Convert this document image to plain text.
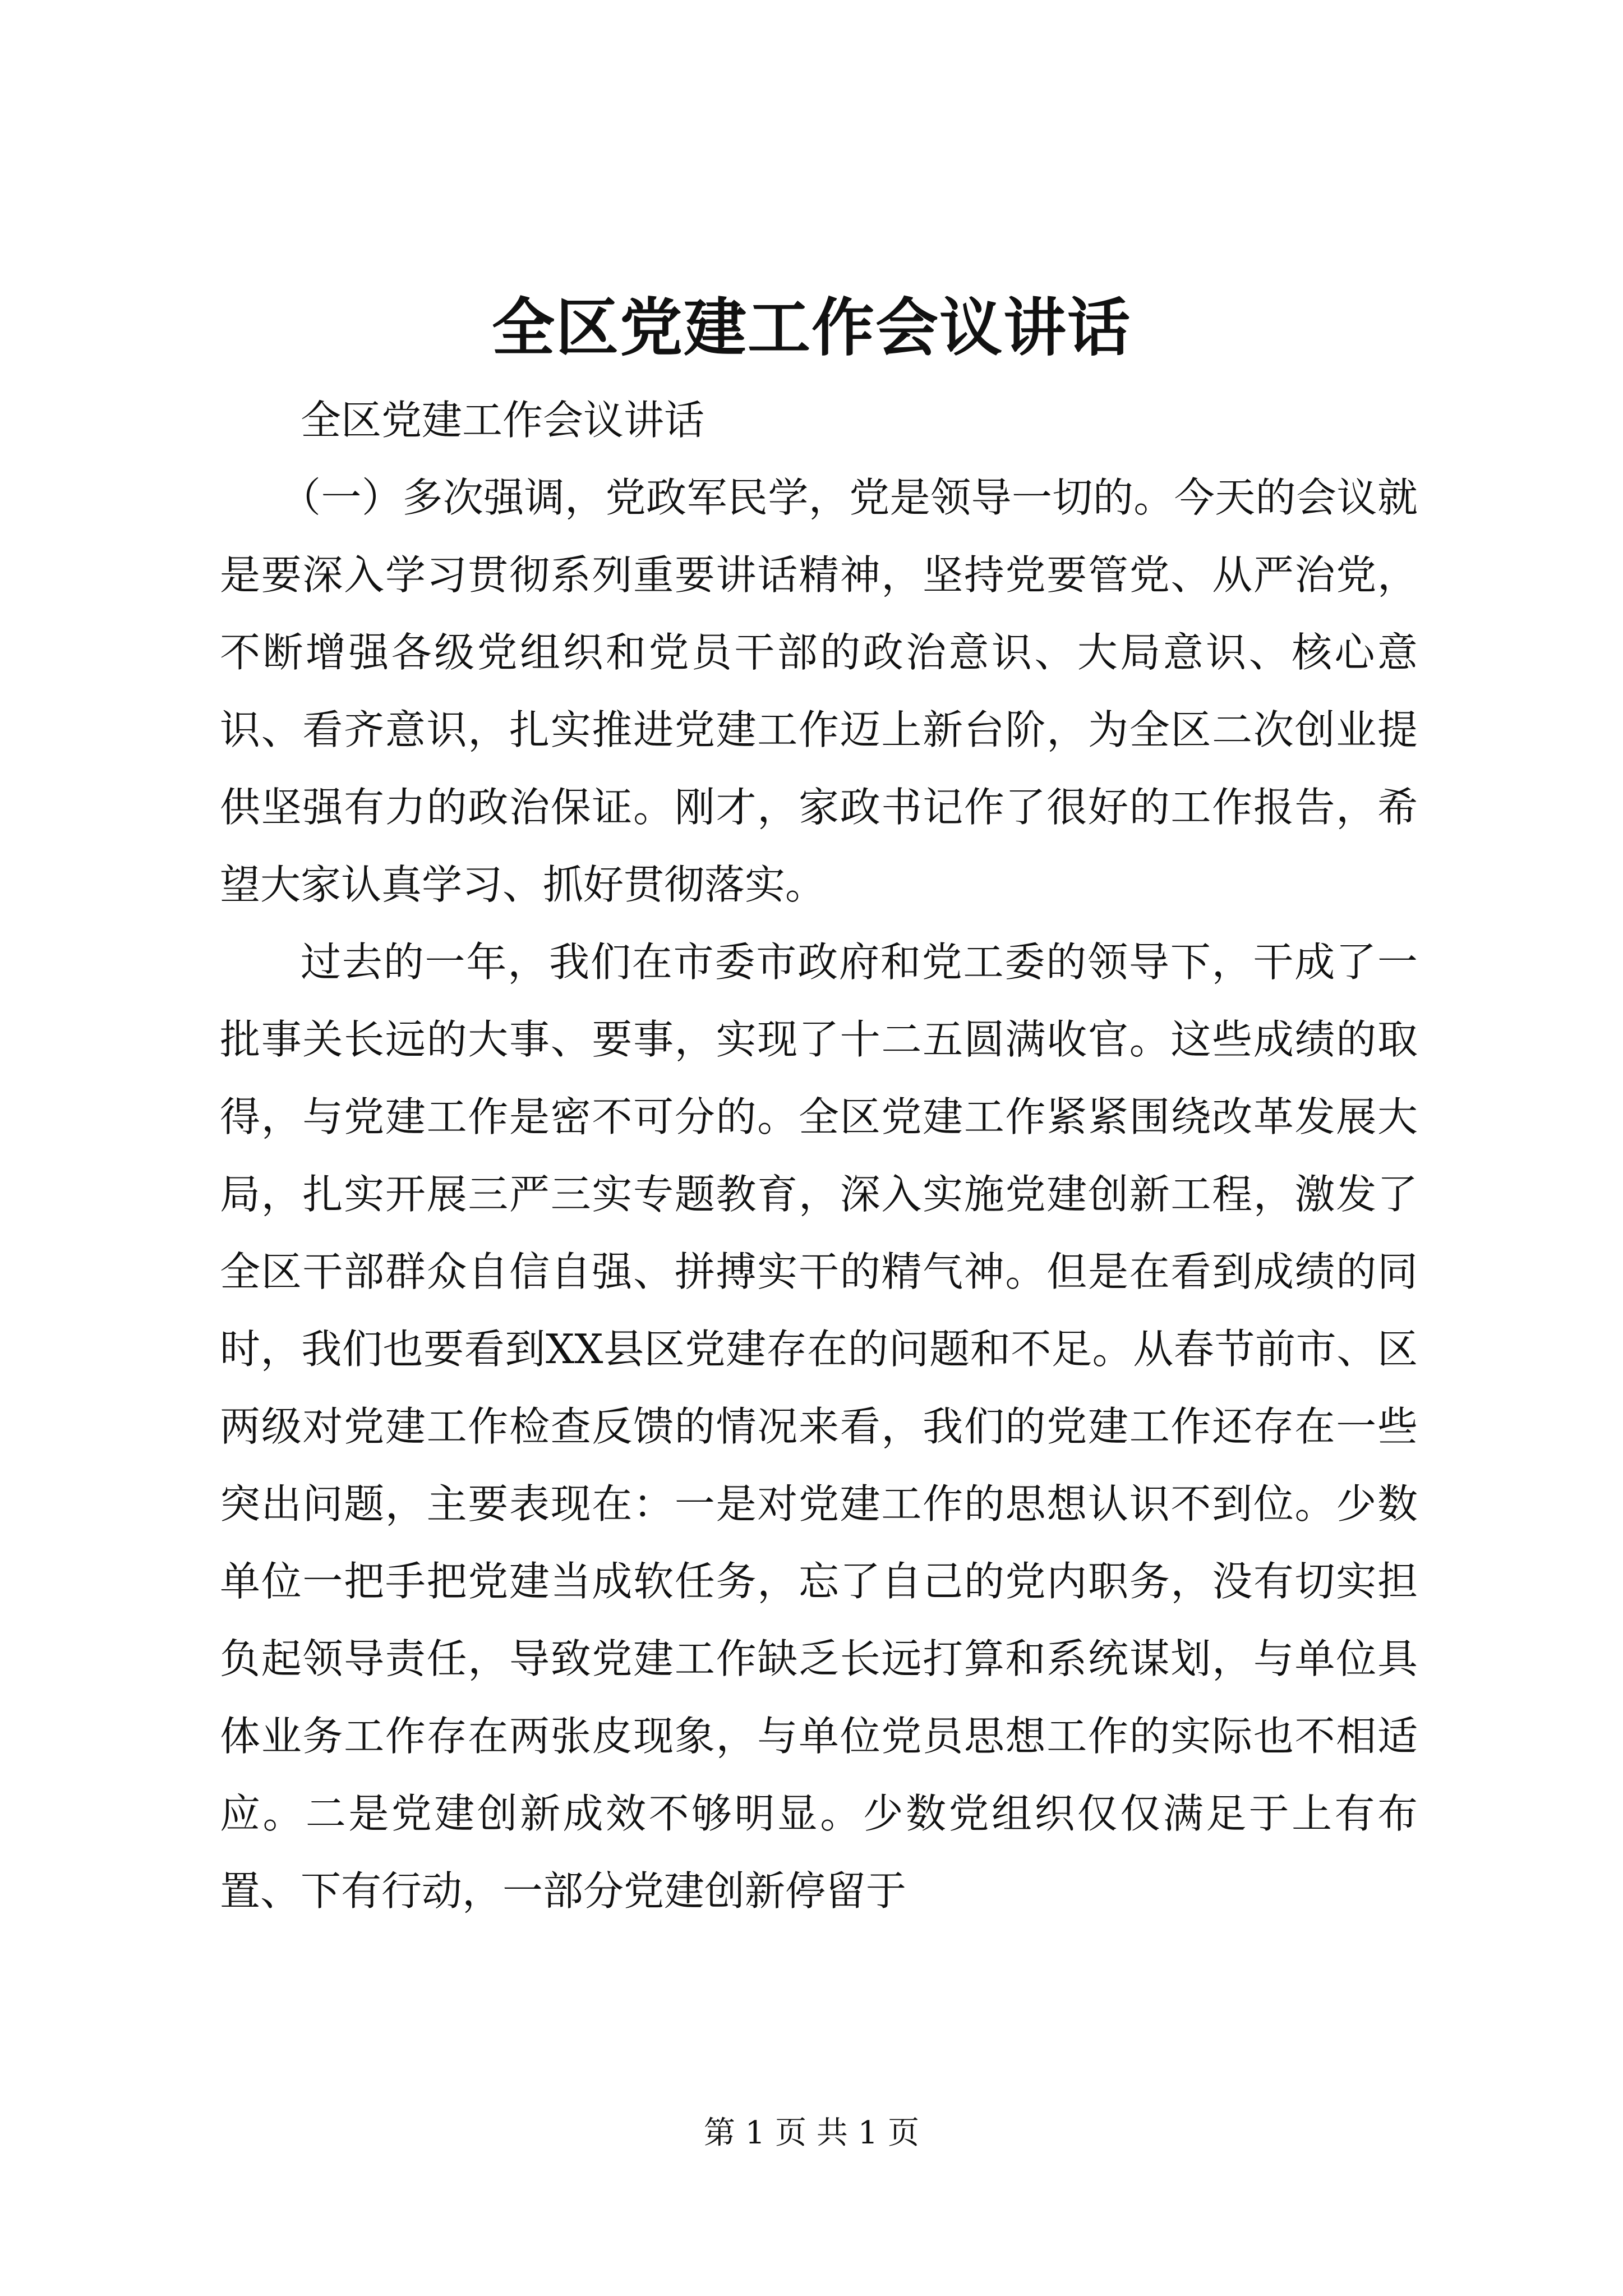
全区党建工作会议讲话

全区党建工作会议讲话

（一）多次强调，党政军民学，党是领导一切的。今天的会议就是要深入学习贯彻系列重要讲话精神，坚持党要管党、从严治党，不断增强各级党组织和党员干部的政治意识、大局意识、核心意识、看齐意识，扎实推进党建工作迈上新台阶，为全区二次创业提供坚强有力的政治保证。刚才，家政书记作了很好的工作报告，希望大家认真学习、抓好贯彻落实。

过去的一年，我们在市委市政府和党工委的领导下，干成了一批事关长远的大事、要事，实现了十二五圆满收官。这些成绩的取得，与党建工作是密不可分的。全区党建工作紧紧围绕改革发展大局，扎实开展三严三实专题教育，深入实施党建创新工程，激发了全区干部群众自信自强、拼搏实干的精气神。但是在看到成绩的同时，我们也要看到XX县区党建存在的问题和不足。从春节前市、区两级对党建工作检查反馈的情况来看，我们的党建工作还存在一些突出问题，主要表现在：一是对党建工作的思想认识不到位。少数单位一把手把党建当成软任务，忘了自己的党内职务，没有切实担负起领导责任，导致党建工作缺乏长远打算和系统谋划，与单位具体业务工作存在两张皮现象，与单位党员思想工作的实际也不相适应。二是党建创新成效不够明显。少数党组织仅仅满足于上有布置、下有行动，一部分党建创新停留于

第 1 页 共 1 页
